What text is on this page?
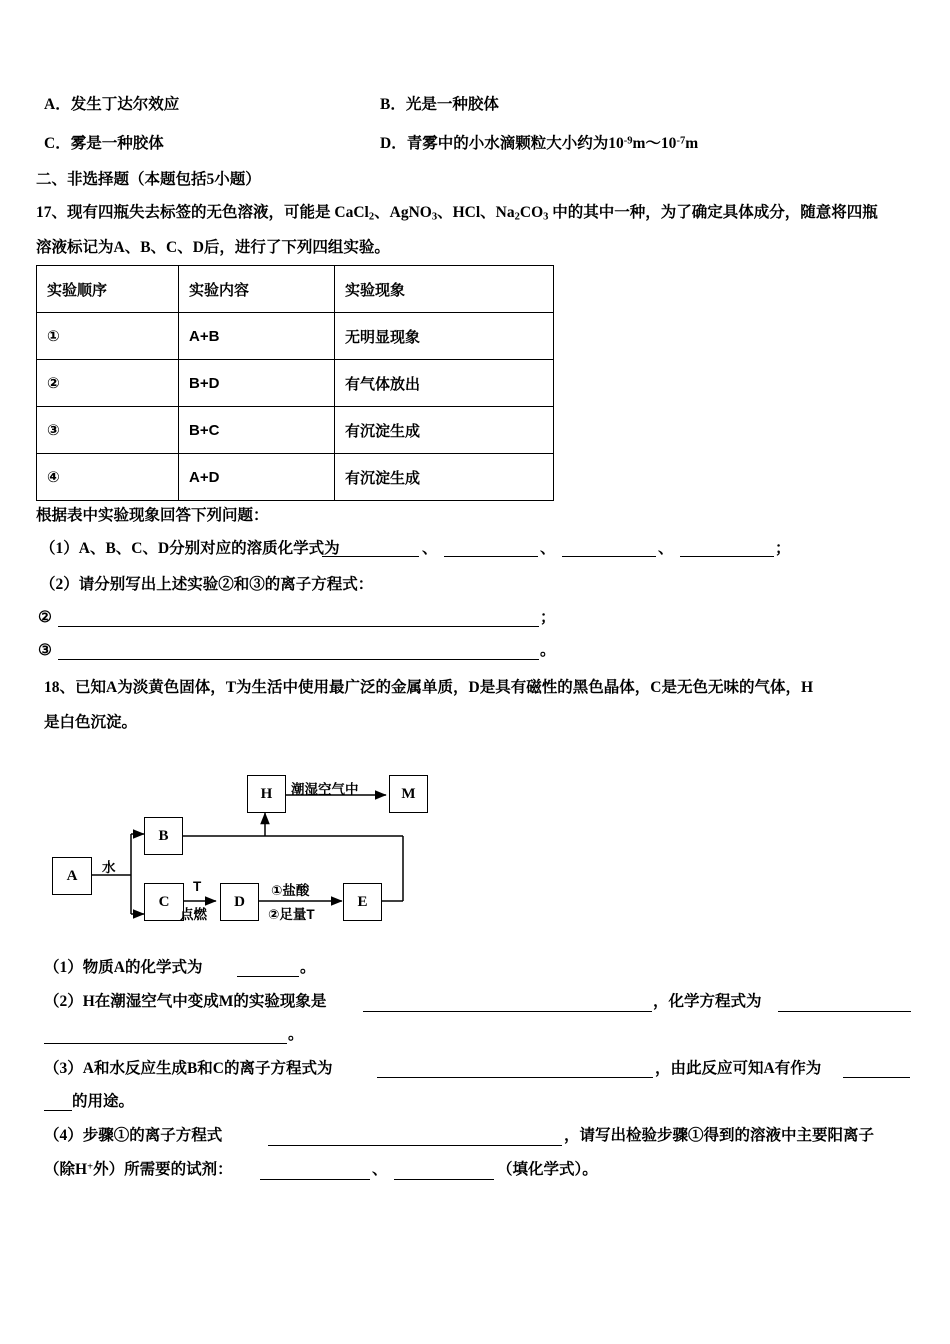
A．发生丁达尔效应	B．光是一种胶体
C．雾是一种胶体	D．青雾中的小水滴颗粒大小约为$10^{-9}m\sim 10^{-7}m$
二、非选择题（本题包括5小题）
17、现有四瓶失去标签的无色溶液，可能是 CaCl$_2$、AgNO$_3$、HCl、$Na_2CO_3$ 中的其中一种，为了确定具体成分，随意将四瓶
溶液标记为A、B、C、D后，进行了下列四组实验。
实验顺序	实验内容	实验现象
①	A+B	无明显现象
②	B+D	有气体放出
③	B+C	有沉淀生成
④	A+D	有沉淀生成
根据表中实验现象回答下列问题：
（1）A、B、C、D分别对应的溶质化学式为	、	、	、	；
（2）请分别写出上述实验②和③的离子方程式：
②	；
③	。
18、已知A为淡黄色固体，T为生活中使用最广泛的金属单质，D是具有磁性的黑色晶体，C是无色无味的气体，H
是白色沉淀。
A
B
C	D	E
H	M
水
潮湿空气中
T
点燃
①盐酸
②足量T
（1）物质A的化学式为	。
（2）H在潮湿空气中变成M的实验现象是	，化学方程式为
。
（3）A和水反应生成B和C的离子方程式为	，由此反应可知A有作为
的用途。
（4）步骤①的离子方程式	，请写出检验步骤①得到的溶液中主要阳离子
（除H+外）所需要的试剂：	、	（填化学式）。
